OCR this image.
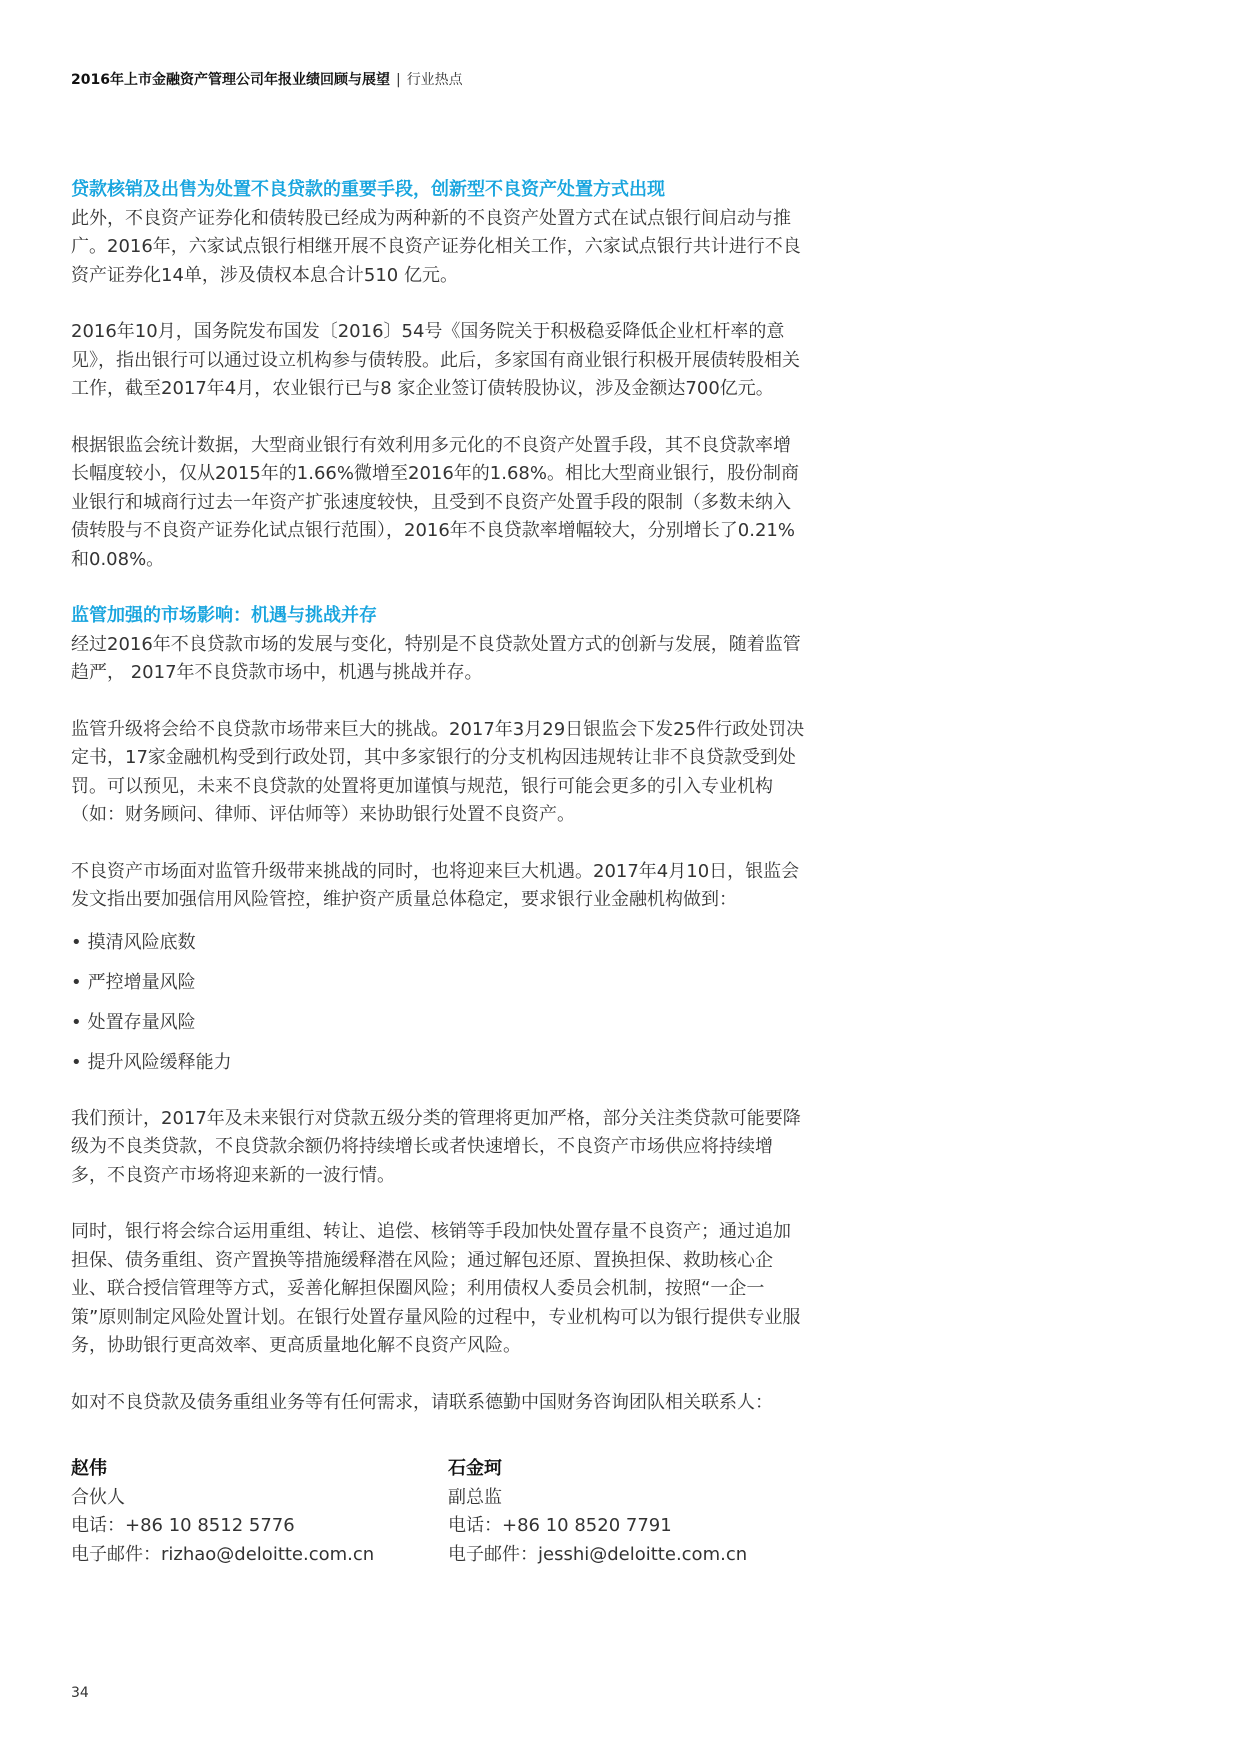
2016年上市金融资产管理公司年报业绩回顾与展望 | 行业热点
贷款核销及出售为处置不良贷款的重要手段，创新型不良资产处置方式出现

此外，不良资产证券化和债转股已经成为两种新的不良资产处置方式在试点银行间启动与推广。2016年，六家试点银行相继开展不良资产证券化相关工作，六家试点银行共计进行不良资产证券化14单，涉及债权本息合计510 亿元。

2016年10月，国务院发布国发〔2016〕54号《国务院关于积极稳妥降低企业杠杆率的意见》，指出银行可以通过设立机构参与债转股。此后，多家国有商业银行积极开展债转股相关工作，截至2017年4月，农业银行已与8 家企业签订债转股协议，涉及金额达700亿元。

根据银监会统计数据，大型商业银行有效利用多元化的不良资产处置手段，其不良贷款率增长幅度较小，仅从2015年的1.66%微增至2016年的1.68%。相比大型商业银行，股份制商业银行和城商行过去一年资产扩张速度较快，且受到不良资产处置手段的限制（多数未纳入债转股与不良资产证券化试点银行范围），2016年不良贷款率增幅较大，分别增长了0.21%和0.08%。

监管加强的市场影响：机遇与挑战并存

经过2016年不良贷款市场的发展与变化，特别是不良贷款处置方式的创新与发展，随着监管趋严， 2017年不良贷款市场中，机遇与挑战并存。

监管升级将会给不良贷款市场带来巨大的挑战。2017年3月29日银监会下发25件行政处罚决定书，17家金融机构受到行政处罚，其中多家银行的分支机构因违规转让非不良贷款受到处罚。可以预见，未来不良贷款的处置将更加谨慎与规范，银行可能会更多的引入专业机构（如：财务顾问、律师、评估师等）来协助银行处置不良资产。

不良资产市场面对监管升级带来挑战的同时，也将迎来巨大机遇。2017年4月10日，银监会发文指出要加强信用风险管控，维护资产质量总体稳定，要求银行业金融机构做到：

• 摸清风险底数
• 严控增量风险
• 处置存量风险
• 提升风险缓释能力

我们预计，2017年及未来银行对贷款五级分类的管理将更加严格，部分关注类贷款可能要降级为不良类贷款，不良贷款余额仍将持续增长或者快速增长，不良资产市场供应将持续增多，不良资产市场将迎来新的一波行情。

同时，银行将会综合运用重组、转让、追偿、核销等手段加快处置存量不良资产；通过追加担保、债务重组、资产置换等措施缓释潜在风险；通过解包还原、置换担保、救助核心企业、联合授信管理等方式，妥善化解担保圈风险；利用债权人委员会机制，按照“一企一策”原则制定风险处置计划。在银行处置存量风险的过程中，专业机构可以为银行提供专业服务，协助银行更高效率、更高质量地化解不良资产风险。

如对不良贷款及债务重组业务等有任何需求，请联系德勤中国财务咨询团队相关联系人：

赵伟
合伙人
电话：+86 10 8512 5776
电子邮件：rizhao@deloitte.com.cn
石金珂
副总监
电话：+86 10 8520 7791
电子邮件：jesshi@deloitte.com.cn
34
